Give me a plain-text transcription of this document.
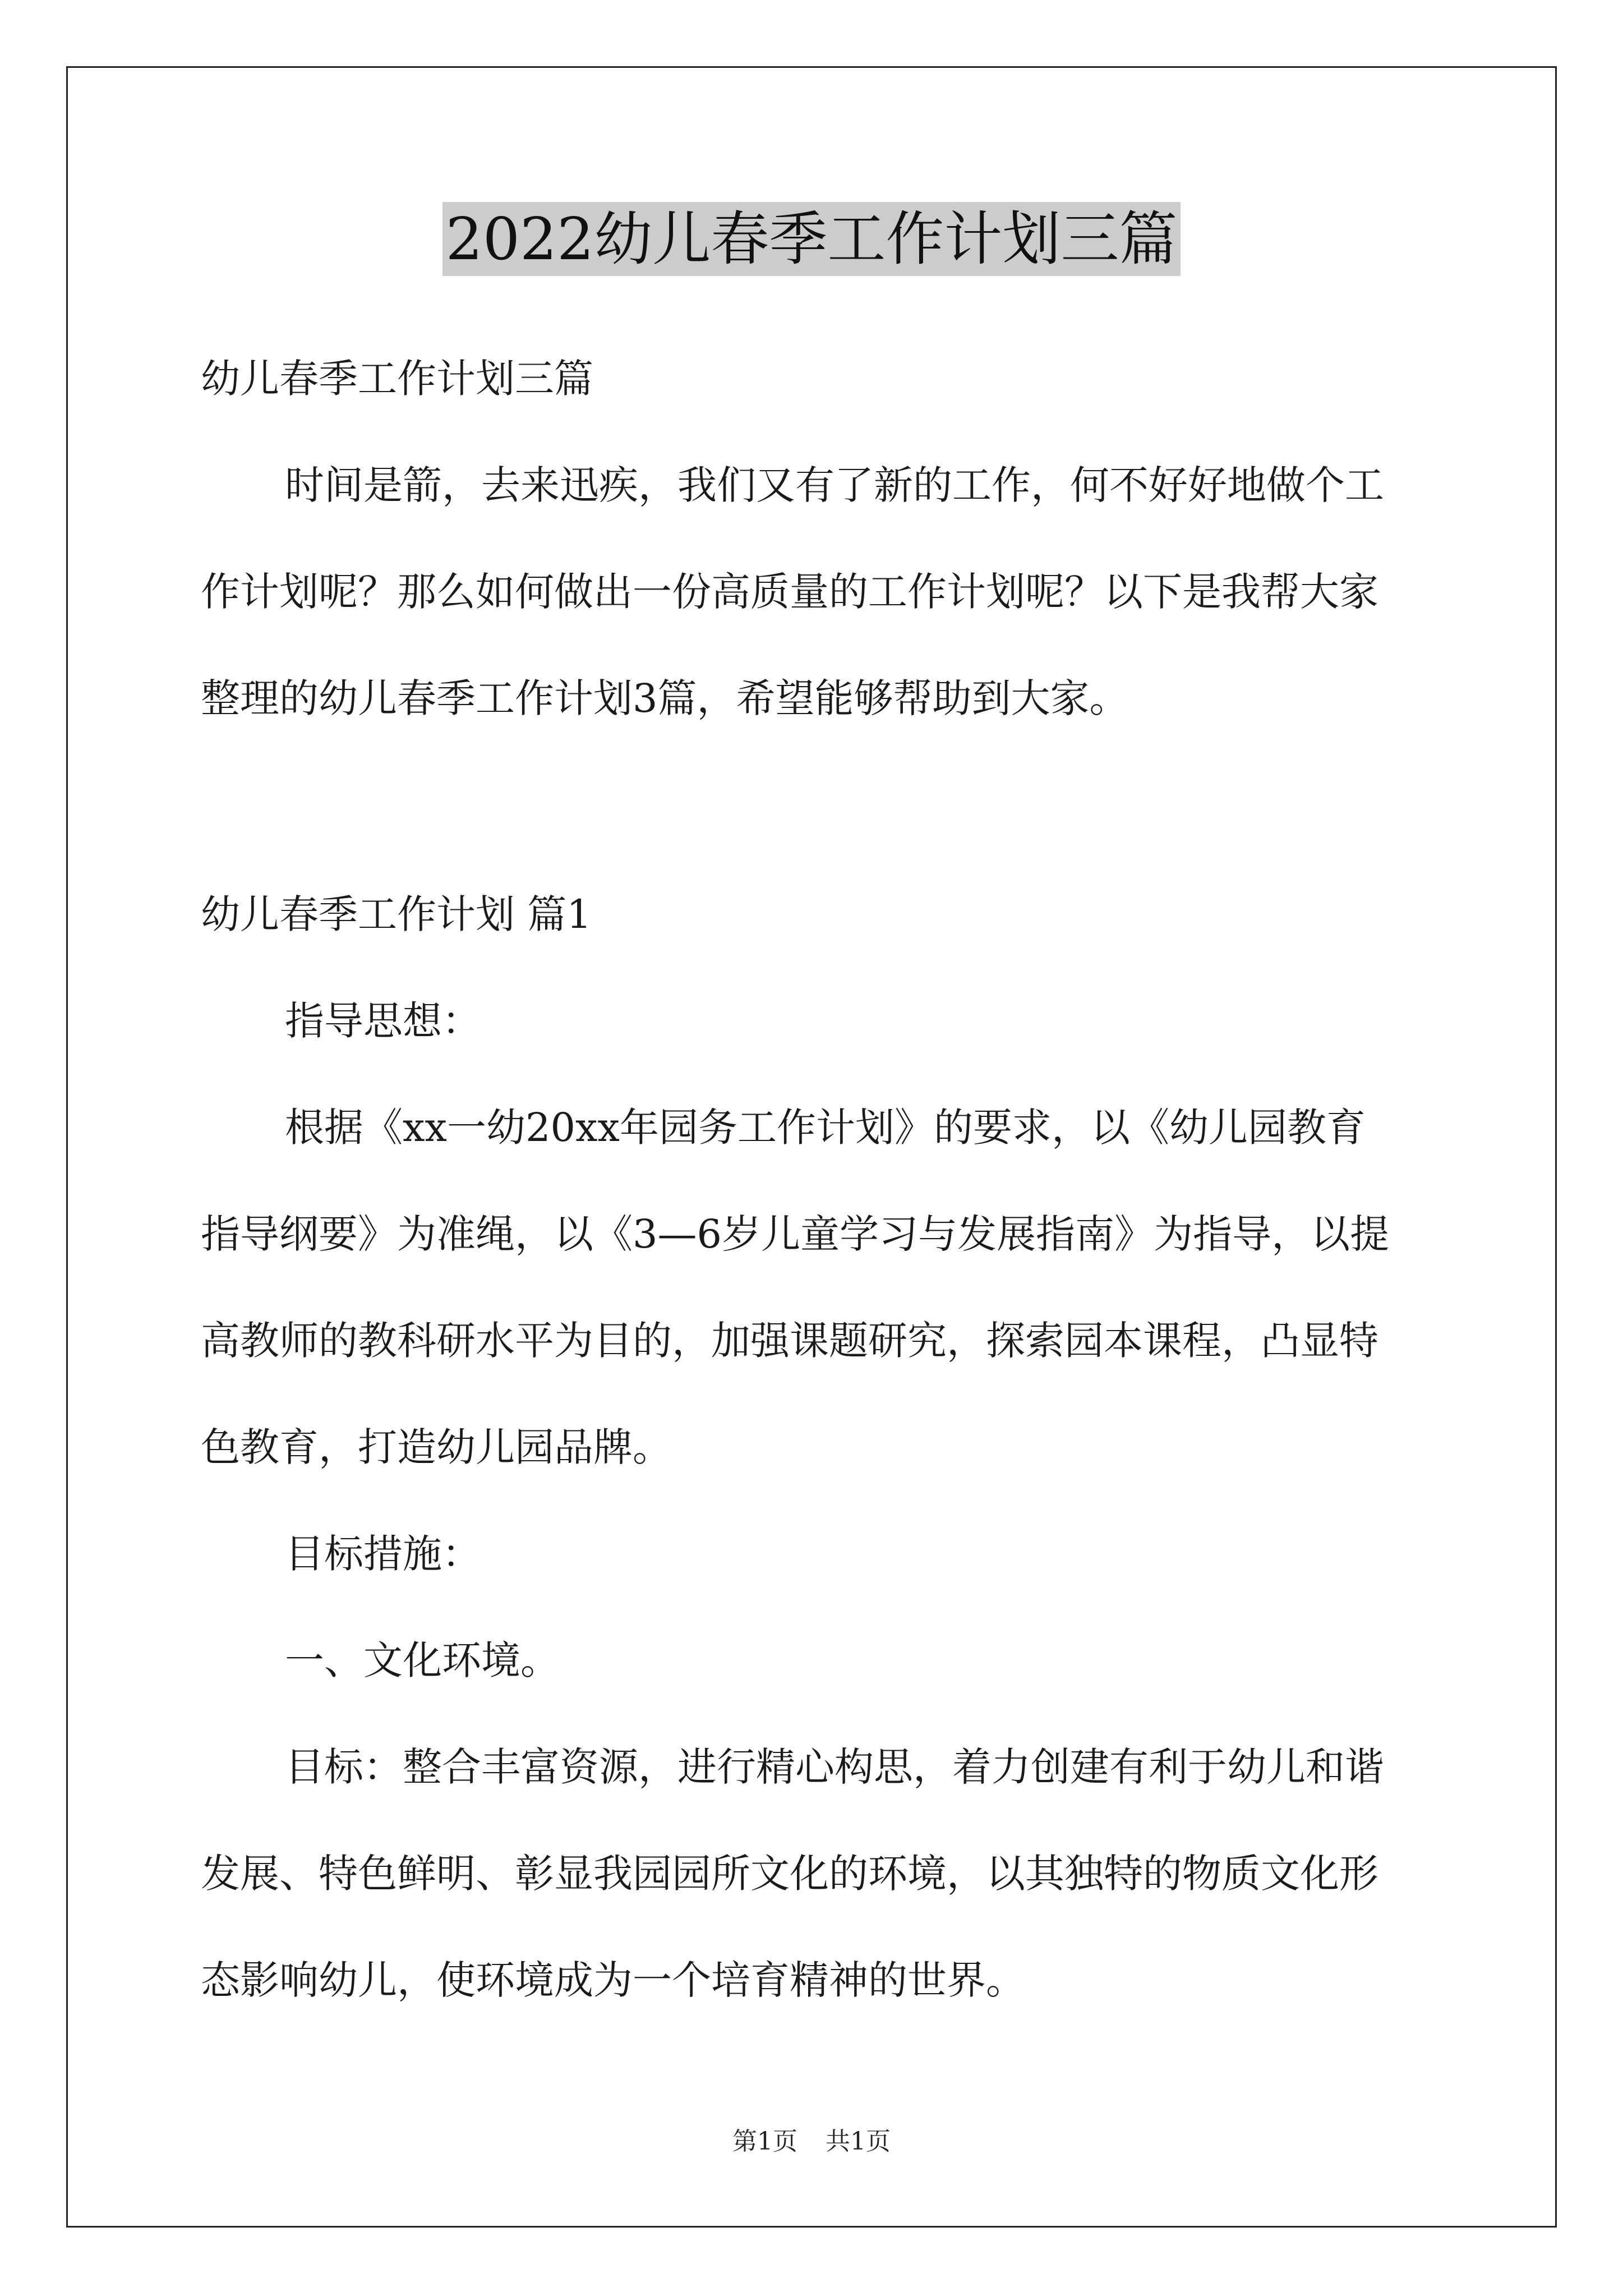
2022幼儿春季工作计划三篇

幼儿春季工作计划三篇

时间是箭，去来迅疾，我们又有了新的工作，何不好好地做个工

作计划呢？那么如何做出一份高质量的工作计划呢？以下是我帮大家

整理的幼儿春季工作计划3篇，希望能够帮助到大家。

幼儿春季工作计划 篇1

指导思想：

根据《xx一幼20xx年园务工作计划》的要求，以《幼儿园教育

指导纲要》为准绳，以《3—6岁儿童学习与发展指南》为指导，以提

高教师的教科研水平为目的，加强课题研究，探索园本课程，凸显特

色教育，打造幼儿园品牌。

目标措施：

一、文化环境。

目标：整合丰富资源，进行精心构思，着力创建有利于幼儿和谐

发展、特色鲜明、彰显我园园所文化的环境，以其独特的物质文化形

态影响幼儿，使环境成为一个培育精神的世界。

第1页 共1页
